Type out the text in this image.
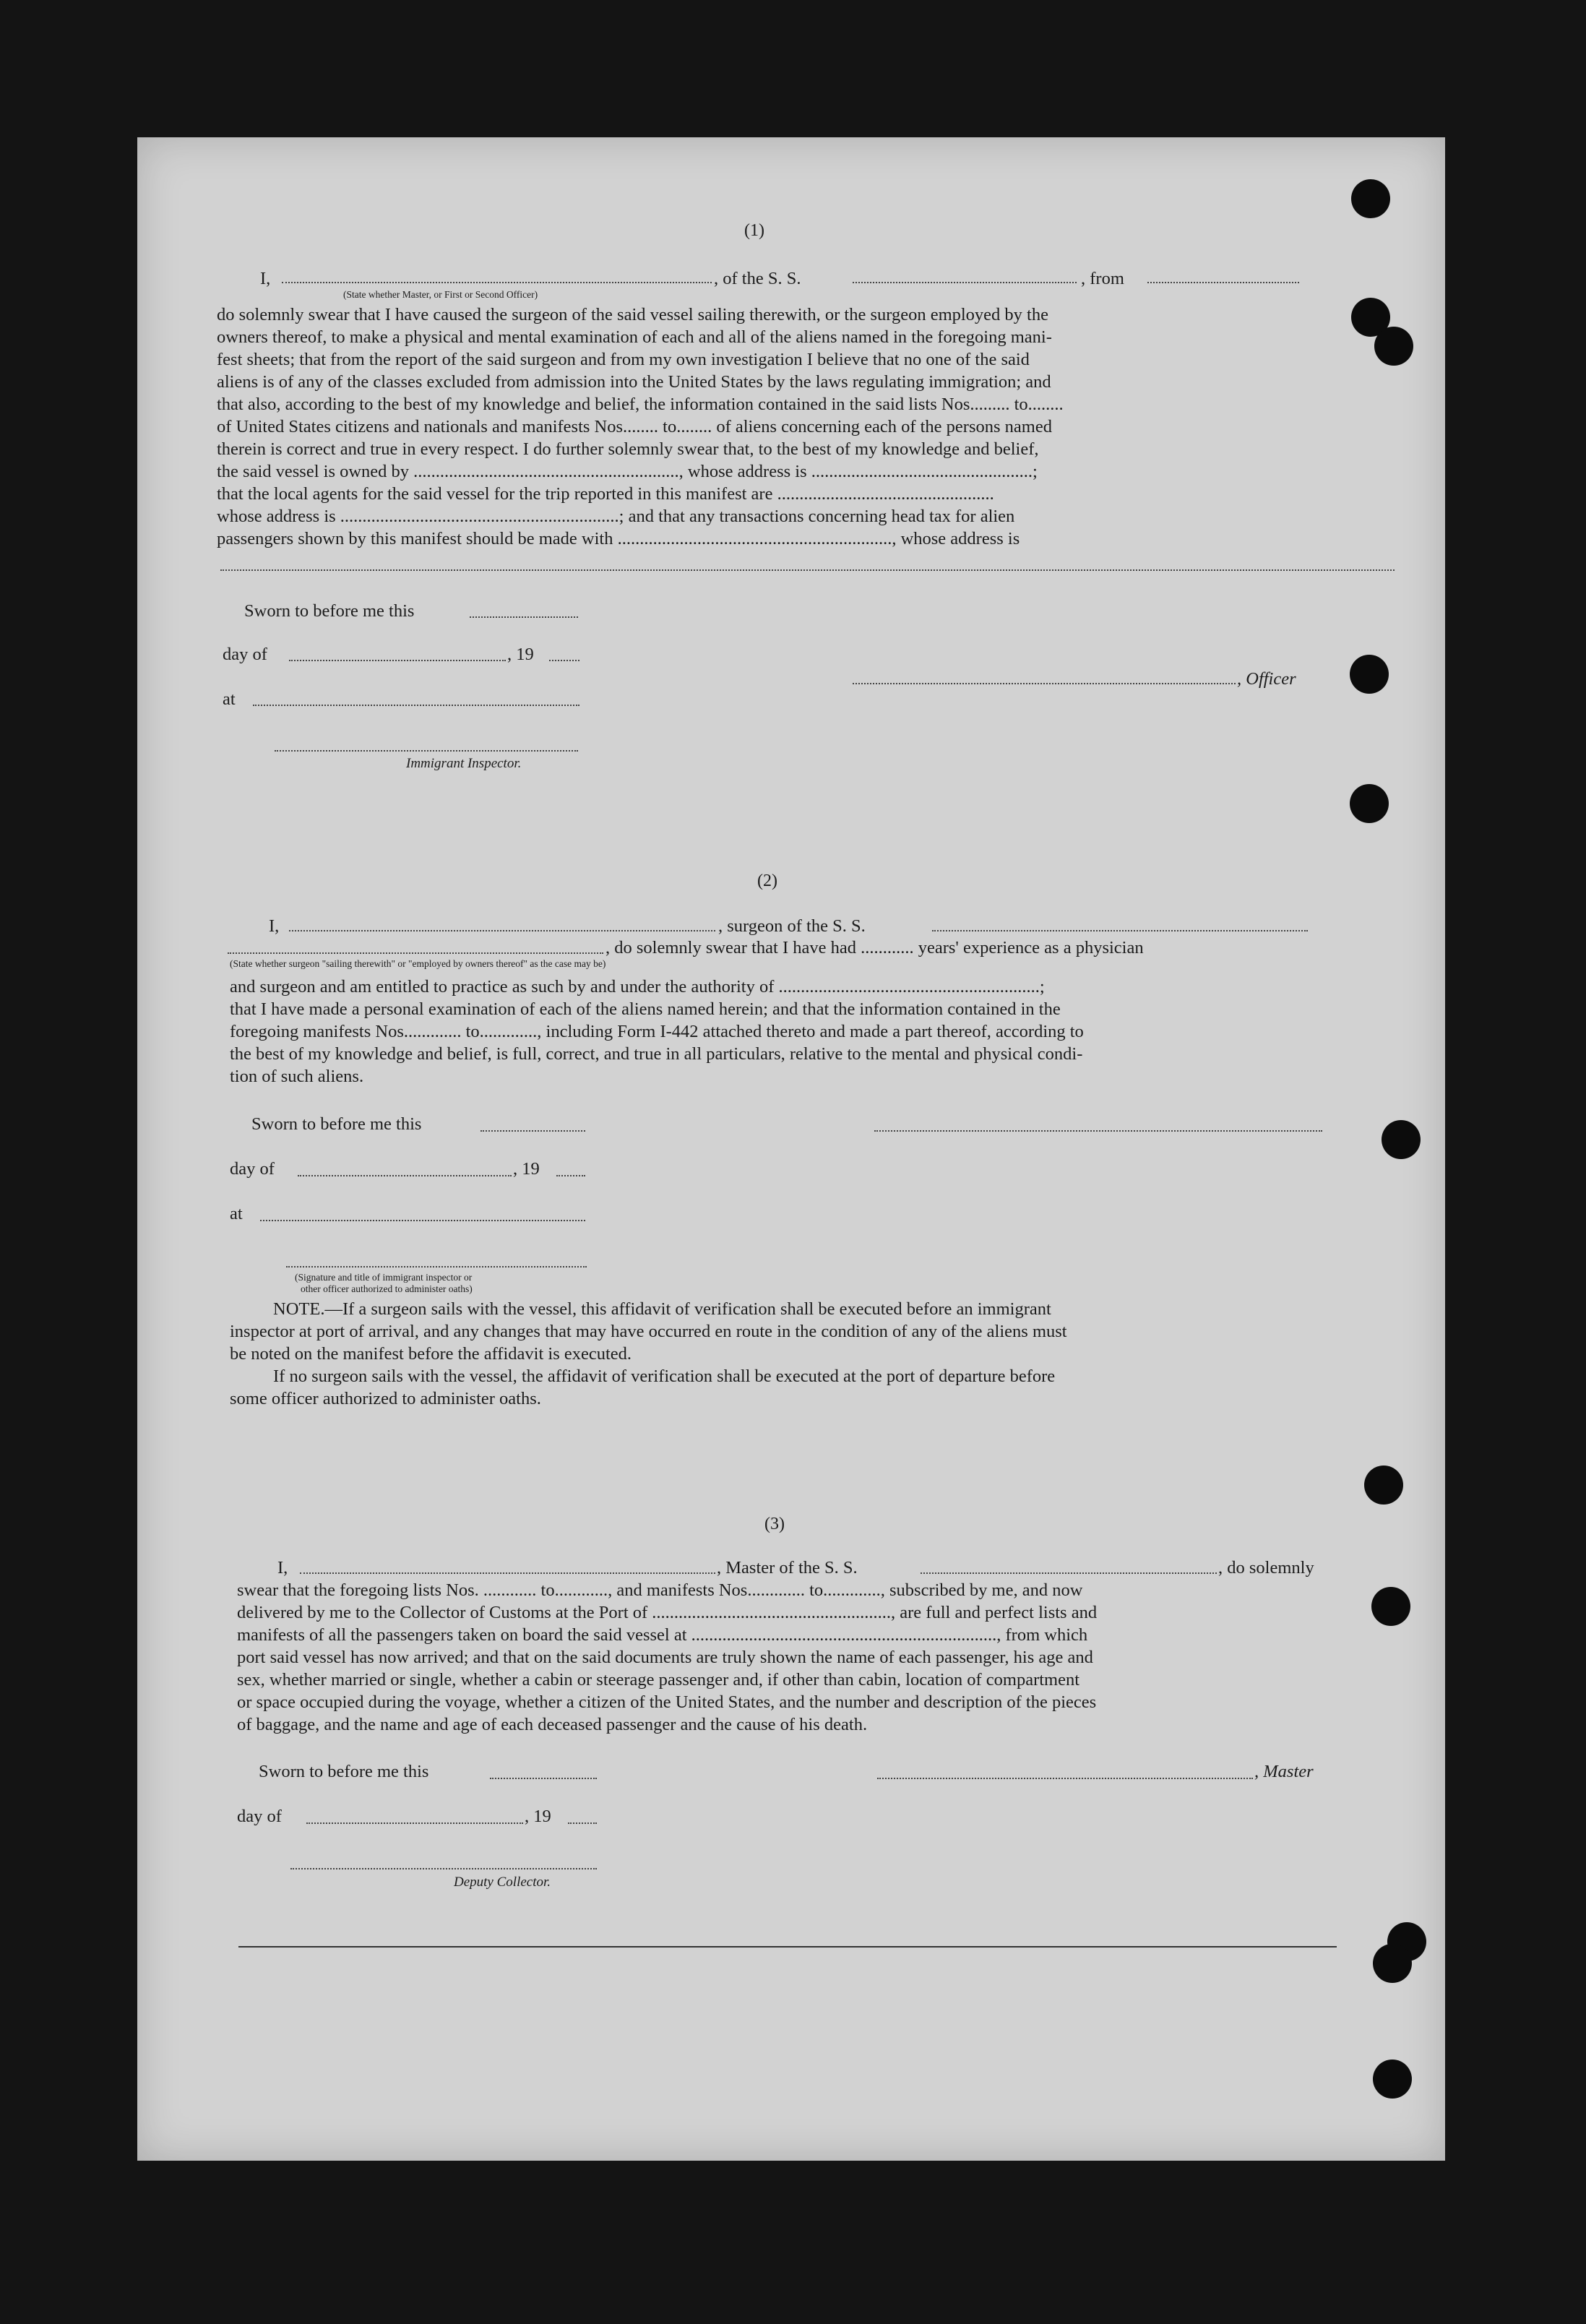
(1)
I,	, of the S. S.	, from
(State whether Master, or First or Second Officer)
do solemnly swear that I have caused the surgeon of the said vessel sailing therewith, or the surgeon employed by the
owners thereof, to make a physical and mental examination of each and all of the aliens named in the foregoing mani-
fest sheets; that from the report of the said surgeon and from my own investigation I believe that no one of the said
aliens is of any of the classes excluded from admission into the United States by the laws regulating immigration; and
that also, according to the best of my knowledge and belief, the information contained in the said lists Nos......... to........
of United States citizens and nationals and manifests Nos........ to........ of aliens concerning each of the persons named
therein is correct and true in every respect. I do further solemnly swear that, to the best of my knowledge and belief,
the said vessel is owned by ............................................................, whose address is ..................................................;
that the local agents for the said vessel for the trip reported in this manifest are .................................................
whose address is ...............................................................; and that any transactions concerning head tax for alien
passengers shown by this manifest should be made with .............................................................., whose address is
Sworn to before me this
day of	, 19
at
, Officer
Immigrant Inspector.
(2)
I,	, surgeon of the S. S.
, do solemnly swear that I have had ............ years' experience as a physician
(State whether surgeon "sailing therewith" or "employed by owners thereof" as the case may be)
and surgeon and am entitled to practice as such by and under the authority of ...........................................................;
that I have made a personal examination of each of the aliens named herein; and that the information contained in the
foregoing manifests Nos............. to............., including Form I-442 attached thereto and made a part thereof, according to
the best of my knowledge and belief, is full, correct, and true in all particulars, relative to the mental and physical condi-
tion of such aliens.
Sworn to before me this
day of	, 19
at
(Signature and title of immigrant inspector or
other officer authorized to administer oaths)
NOTE.—If a surgeon sails with the vessel, this affidavit of verification shall be executed before an immigrant
inspector at port of arrival, and any changes that may have occurred en route in the condition of any of the aliens must
be noted on the manifest before the affidavit is executed.
If no surgeon sails with the vessel, the affidavit of verification shall be executed at the port of departure before
some officer authorized to administer oaths.
(3)
I,	, Master of the S. S.	, do solemnly
swear that the foregoing lists Nos. ............ to............, and manifests Nos............. to............., subscribed by me, and now
delivered by me to the Collector of Customs at the Port of ......................................................, are full and perfect lists and
manifests of all the passengers taken on board the said vessel at ....................................................................., from which
port said vessel has now arrived; and that on the said documents are truly shown the name of each passenger, his age and
sex, whether married or single, whether a cabin or steerage passenger and, if other than cabin, location of compartment
or space occupied during the voyage, whether a citizen of the United States, and the number and description of the pieces
of baggage, and the name and age of each deceased passenger and the cause of his death.
Sworn to before me this	, Master
day of	, 19
Deputy Collector.
